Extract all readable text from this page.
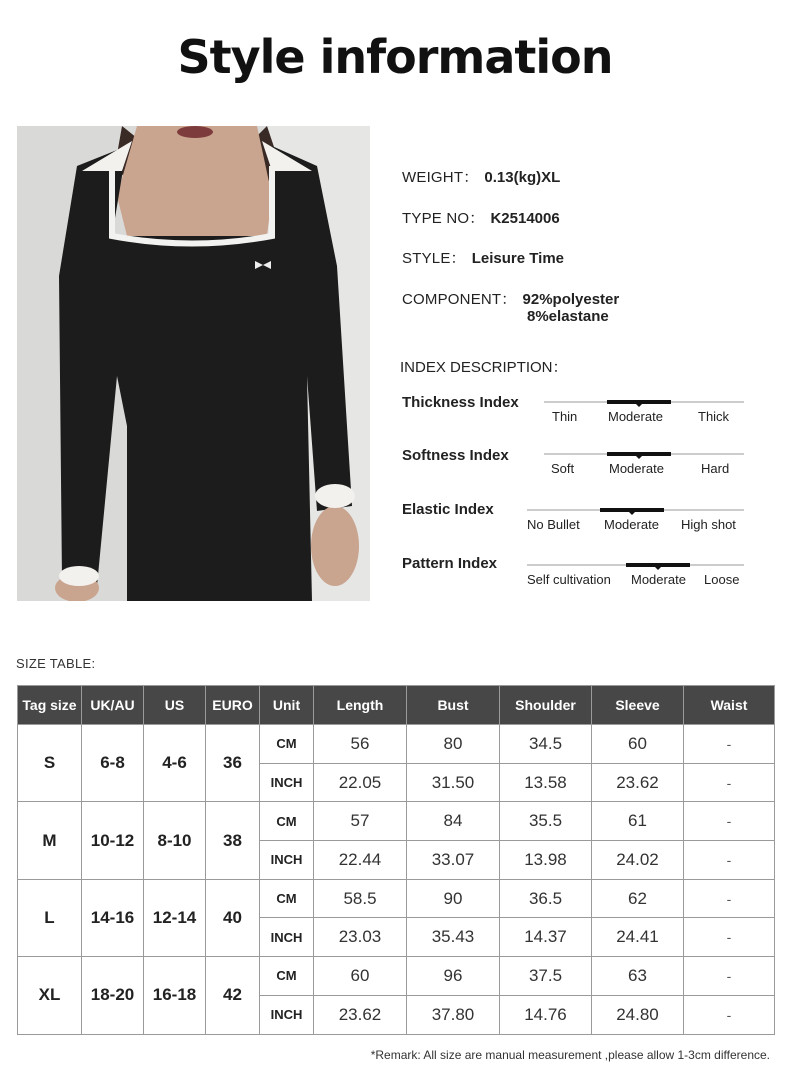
Style information
WEIGHT： 0.13(kg)XL
TYPE NO： K2514006
STYLE： Leisure Time
COMPONENT： 92%polyester
8%elastane
INDEX DESCRIPTION：
Thickness Index
Thin Moderate	Thick
Softness Index
Soft	Moderate	Hard
Elastic Index
No Bullet Moderate High shot
Pattern Index
Self cultivation Moderate Loose
SIZE TABLE:
Tag size	UK/AU	US	EURO	Unit	Length	Bust	Shoulder	Sleeve	Waist
S	6-8	4-6	36	CM	56	80	34.5	60	-
				INCH	22.05	31.50	13.58	23.62	-
M	10-12	8-10	38	CM	57	84	35.5	61	-
				INCH	22.44	33.07	13.98	24.02	-
L	14-16	12-14	40	CM	58.5	90	36.5	62	-
				INCH	23.03	35.43	14.37	24.41	-
XL	18-20	16-18	42	CM	60	96	37.5	63	-
				INCH	23.62	37.80	14.76	24.80	-
*Remark: All size are manual measurement ,please allow 1-3cm difference.
